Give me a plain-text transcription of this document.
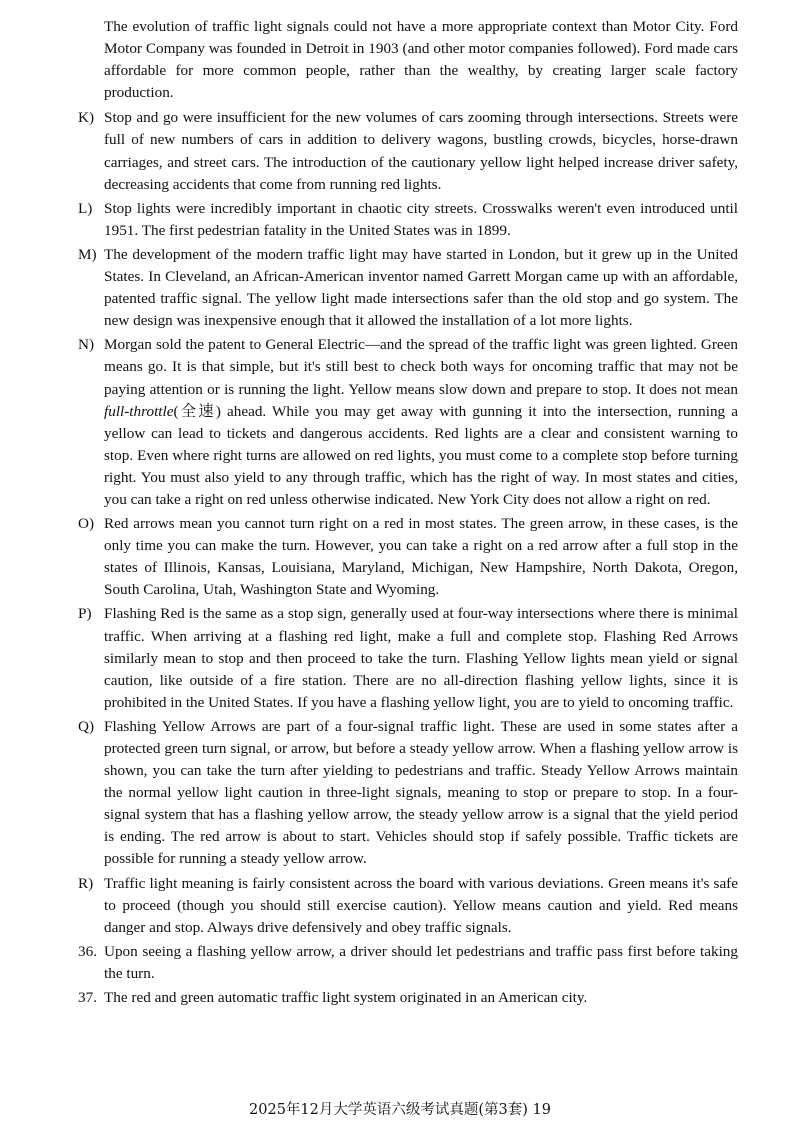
The evolution of traffic light signals could not have a more appropriate context than Motor City. Ford Motor Company was founded in Detroit in 1903 (and other motor companies followed). Ford made cars affordable for more common people, rather than the wealthy, by creating larger scale factory production.

K) Stop and go were insufficient for the new volumes of cars zooming through intersections. Streets were full of new numbers of cars in addition to delivery wagons, bustling crowds, bicycles, horse-drawn carriages, and street cars. The introduction of the cautionary yellow light helped increase driver safety, decreasing accidents that come from running red lights.

L) Stop lights were incredibly important in chaotic city streets. Crosswalks weren't even introduced until 1951. The first pedestrian fatality in the United States was in 1899.

M) The development of the modern traffic light may have started in London, but it grew up in the United States. In Cleveland, an African-American inventor named Garrett Morgan came up with an affordable, patented traffic signal. The yellow light made intersections safer than the old stop and go system. The new design was inexpensive enough that it allowed the installation of a lot more lights.

N) Morgan sold the patent to General Electric—and the spread of the traffic light was green lighted. Green means go. It is that simple, but it's still best to check both ways for oncoming traffic that may not be paying attention or is running the light. Yellow means slow down and prepare to stop. It does not mean full-throttle(全速) ahead. While you may get away with gunning it into the intersection, running a yellow can lead to tickets and dangerous accidents. Red lights are a clear and consistent warning to stop. Even where right turns are allowed on red lights, you must come to a complete stop before turning right. You must also yield to any through traffic, which has the right of way. In most states and cities, you can take a right on red unless otherwise indicated. New York City does not allow a right on red.

O) Red arrows mean you cannot turn right on a red in most states. The green arrow, in these cases, is the only time you can make the turn. However, you can take a right on a red arrow after a full stop in the states of Illinois, Kansas, Louisiana, Maryland, Michigan, New Hampshire, North Dakota, Oregon, South Carolina, Utah, Washington State and Wyoming.

P) Flashing Red is the same as a stop sign, generally used at four-way intersections where there is minimal traffic. When arriving at a flashing red light, make a full and complete stop. Flashing Red Arrows similarly mean to stop and then proceed to take the turn. Flashing Yellow lights mean yield or signal caution, like outside of a fire station. There are no all-direction flashing yellow lights, since it is prohibited in the United States. If you have a flashing yellow light, you are to yield to oncoming traffic.

Q) Flashing Yellow Arrows are part of a four-signal traffic light. These are used in some states after a protected green turn signal, or arrow, but before a steady yellow arrow. When a flashing yellow arrow is shown, you can take the turn after yielding to pedestrians and traffic. Steady Yellow Arrows maintain the normal yellow light caution in three-light signals, meaning to stop or prepare to stop. In a four-signal system that has a flashing yellow arrow, the steady yellow arrow is a signal that the yield period is ending. The red arrow is about to start. Vehicles should stop if safely possible. Traffic tickets are possible for running a steady yellow arrow.

R) Traffic light meaning is fairly consistent across the board with various deviations. Green means it's safe to proceed (though you should still exercise caution). Yellow means caution and yield. Red means danger and stop. Always drive defensively and obey traffic signals.

36. Upon seeing a flashing yellow arrow, a driver should let pedestrians and traffic pass first before taking the turn.

37. The red and green automatic traffic light system originated in an American city.

2025年12月大学英语六级考试真题(第3套) 19
